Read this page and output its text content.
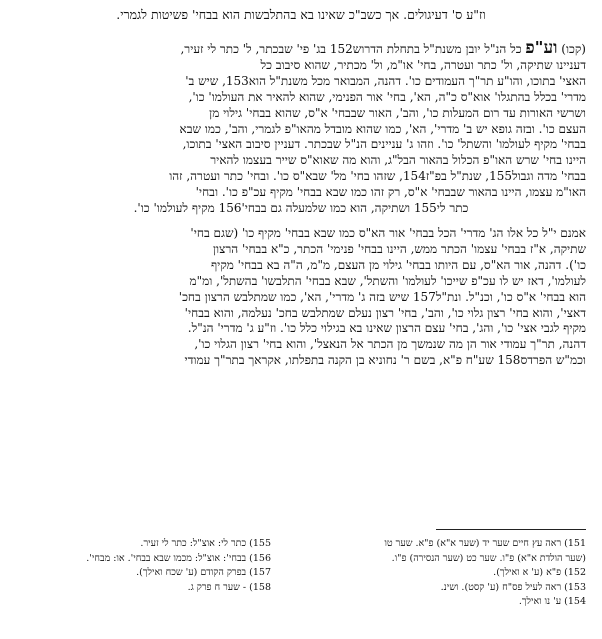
וז"ע ס' דעיגולים. אך כשב"כ שאינו בא בהתלבשות הוא בבחי' פשיטות לגמרי.
(קכו) וע"פ כל הנ"ל יובן משנת"ל בתחלת הדרוש152 בג' פי' שבכתר, ל' כתר לי זעיר,
דעניינו שתיקה, ול' כתר ועטרה, בחי' או"מ, ול' מכתיר, שהוא סיבוב כל
האצי' בתוכו, והו"ע תר"ך העמודים כו'. דהנה, המבואר מכל משנת"ל הוא153, שיש ב'
מדרי' בכלל בהתגלו' אוא"ס כ"ה, הא', בחי' אור הפנימי, שהוא להאיר את העולמו' כו',
ושרשי האורות עד רום המעלות כו', והב', האור שבבחי' א"ס, שהוא בבחי' גילוי מן
העצם כו'. ובזה גופא יש ב' מדרי', הא', כמו שהוא מובדל מהאו"פ לגמרי, והב', כמו שבא
בבחי' מקיף לעולמו' והשתל' כו'. וזהו ג' עניינים הנ"ל שבכתר. דעניין סיבוב האצי' בתוכו,
היינו בחי' שרש האו"פ הכלול בהאור הבל"ג, והוא מה שאוא"ס שייר בעצמו להאיר
בבחי' מדה וגבול155, שנת"ל בפ"ז154, שזהו בחי' מל' שבא"ס כו'. ובחי' כתר ועטרה, זהו
האו"מ עצמו, היינו בהאור שבבחי' א"ס, רק זהו כמו שבא בבחי' מקיף עכ"פ כו'. ובחי'
כתר לי155 ושתיקה, הוא כמו שלמעלה גם בבחי'156 מקיף לעולמו' כו'.
אמנם י"ל כל אלו הג' מדרי' הכל בבחי' אור הא"ס כמו שבא בבחי' מקיף כו' (שגם בחי'
שתיקה, א"ז בבחי' עצמו' הכתר ממש, היינו בבחי' פנימי' הכתר, כ"א בבחי' הרצון
כו'). דהנה, אור הא"ס, עם היותו בבחי' גילוי מן העצם, מ"מ, ה"ה בא בבחי' מקיף
לעולמו', דאז יש לו עכ"פ שייכו' לעולמו' והשתל', שבא בבחי' התלבשו' בהשתל', ומ"מ
הוא בבחי' א"ס כו', וכנ"ל. ונת"ל157 שיש בזה ג' מדרי', הא', כמו שמתלבש הרצון בחכ'
דאצי', והוא בחי' רצון גלוי כו', והב', בחי' רצון נעלם שמתלבש בחכ' נעלמה, והוא בבחי'
מקיף לגבי אצי' כו', והג', בחי' עצם הרצון שאינו בא בגילוי כלל כו'. וז"ע ג' מדרי' הנ"ל.
דהנה, תר"ך עמודי אור הן מה שנמשך מן הכתר אל הנאצל', והוא בחי' רצון הגלוי כו',
וכמ"ש הפרדס158 שע"ח פ"א, בשם ר' נחוניא בן הקנה בתפלתו, אקראך בתר"ך עמודי
151) ראה עץ חיים שער יד (שער א"א) פ"א. שער טו
(שער הולדת א"א) פ"ו. שער כט (שער הנסירה) פ"ו.
152) פ"א (ע' א ואילך).
153) ראה לעיל פס"ח (ע' קסט). ושינ.
154) ע' נו ואילך.
155) כתר לי: אוצ"ל: כתר לי זעיר.
156) בבחי': אוצ"ל: מכמו שבא בבחי'. או: מבחי'.
157) בפרק הקודם (ע' שכח ואילך).
158) - שער ח פרק ג.
